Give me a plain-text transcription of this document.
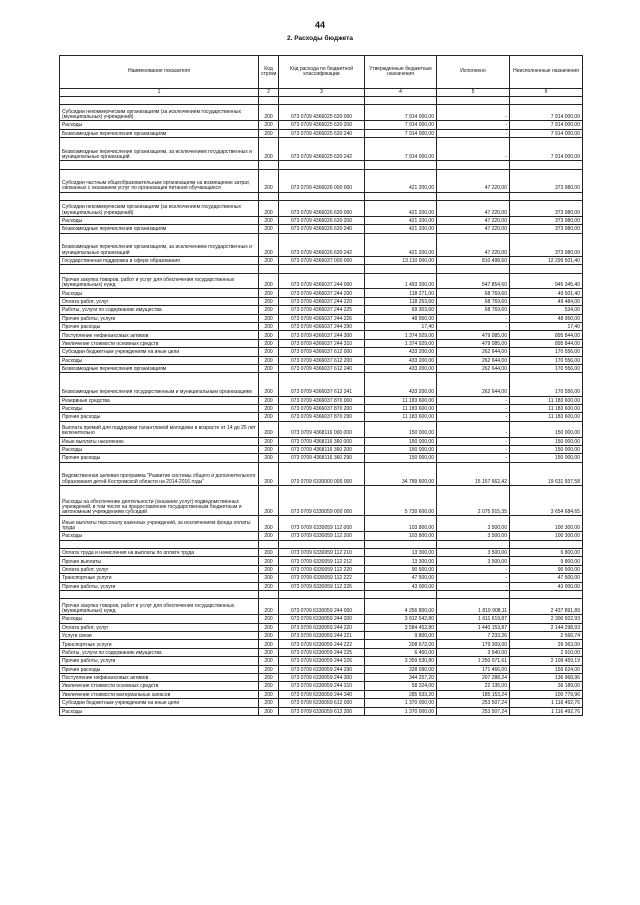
44
2. Расходы бюджета
Наименование показателя	Код строки	Код расхода по бюджетной классификации	Утвержденные бюджетные назначения	Исполнено	Неисполненные назначения
1	2	3	4	5	6

Субсидии некоммерческим организациям (за исключением государственных (муниципальных) учреждений)	200	073 0709 4366025 630 000	7 914 000,00	-	7 914 000,00
Расходы	200	073 0709 4366025 630 200	7 914 000,00	-	7 914 000,00
Безвозмездные перечисления организациям	200	073 0709 4366025 630 240	7 914 000,00	-	7 914 000,00
Безвозмездные перечисления организациям, за исключением государственных и муниципальных организаций	200	073 0709 4366025 630 242	7 914 000,00	-	7 914 000,00

Субсидии частным общеобразовательным организациям на возмещение затрат, связанных с оказанием услуг по организации питания обучающихся	200	073 0709 4366026 000 000	421 200,00	47 220,00	373 980,00

Субсидии некоммерческим организациям (за исключением государственных (муниципальных) учреждений)	200	073 0709 4366026 630 000	421 200,00	47 220,00	373 980,00
Расходы	200	073 0709 4366026 630 200	421 200,00	47 220,00	373 980,00
Безвозмездные перечисления организациям	200	073 0709 4366026 630 240	421 200,00	47 220,00	373 980,00
Безвозмездные перечисления организациям, за исключением государственных и муниципальных организаций	200	073 0709 4366026 630 242	421 200,00	47 220,00	373 980,00
Государственная поддержка в сфере образования	200	073 0709 4366037 000 000	13 110 000,00	810 498,60	12 299 501,40

Прочая закупка товаров, работ и услуг для обеспечения государственных (муниципальных) нужд	200	073 0709 4366037 244 000	1 493 200,00	547 854,60	945 345,40
Расходы	200	073 0709 4366037 244 200	118 271,00	68 769,60	49 501,40
Оплата работ, услуг	200	073 0709 4366037 244 220	118 253,60	68 769,60	49 484,00
Работы, услуги по содержанию имущества	200	073 0709 4366037 244 225	69 303,60	68 769,60	534,00
Прочие работы, услуги	200	073 0709 4366037 244 226	48 950,00	-	48 950,00
Прочие расходы	200	073 0709 4366037 244 290	17,40	-	17,40
Поступление нефинансовых активов	200	073 0709 4366037 244 300	1 374 929,00	479 085,00	895 844,00
Увеличение стоимости основных средств	200	073 0709 4366037 244 310	1 374 929,00	479 085,00	895 844,00
Субсидии бюджетным учреждениям на иные цели	200	073 0709 4366037 612 000	433 200,00	262 644,00	170 556,00
Расходы	200	073 0709 4366037 612 200	433 200,00	262 644,00	170 556,00
Безвозмездные перечисления организациям	200	073 0709 4366037 612 240	433 200,00	262 644,00	170 556,00
Безвозмездные перечисления государственным и муниципальным организациям	200	073 0709 4366037 612 241	433 200,00	262 644,00	170 556,00
Резервные средства	200	073 0709 4366037 870 000	11 183 600,00	-	11 183 600,00
Расходы	200	073 0709 4366037 870 200	11 183 600,00	-	11 183 600,00
Прочие расходы	200	073 0709 4366037 870 290	11 183 600,00	-	11 183 600,00
Выплата премий для поддержки талантливой молодежи в возрасте от 14 до 25 лет включительно	200	073 0709 4368116 000 000	150 000,00	-	150 000,00
Иные выплаты населению	200	073 0709 4368116 360 000	150 000,00	-	150 000,00
Расходы	200	073 0709 4368116 360 200	150 000,00	-	150 000,00
Прочие расходы	200	073 0709 4368116 360 290	150 000,00	-	150 000,00
Ведомственная целевая программа "Развитие системы общего и дополнительного образования детей Костромской области на 2014-2016 годы"	200	073 0709 6330000 000 000	34 789 600,00	15 157 662,42	19 631 937,58
Расходы на обеспечение деятельности (оказание услуг) подведомственных учреждений, в том числе на предоставление государственным бюджетным и автономным учреждениям субсидий	200	073 0709 6330059 000 000	5 730 600,00	2 075 915,35	3 654 684,65
Иные выплаты персоналу казенных учреждений, за исключением фонда оплаты труда	200	073 0709 6330059 112 000	103 800,00	3 500,00	100 300,00
Расходы	200	073 0709 6330059 112 200	103 800,00	3 500,00	100 300,00

Оплата труда и начисления на выплаты по оплате труда	200	073 0709 6330059 112 210	13 300,00	3 500,00	9 800,00
Прочие выплаты	200	073 0709 6330059 112 212	13 300,00	3 500,00	9 800,00
Оплата работ, услуг	200	073 0709 6330059 112 220	90 500,00	-	90 500,00
Транспортные услуги	200	073 0709 6330059 112 222	47 500,00	-	47 500,00
Прочие работы, услуги	200	073 0709 6330059 112 226	43 000,00	-	43 000,00

Прочая закупка товаров, работ и услуг для обеспечения государственных (муниципальных) нужд	200	073 0709 6330059 244 000	4 256 800,00	1 819 908,11	2 437 891,89
Расходы	200	073 0709 6330059 244 200	3 912 542,80	1 611 619,87	2 300 922,93
Оплата работ, услуг	200	073 0709 6330059 244 220	3 584 452,80	1 440 153,87	2 144 298,93
Услуги связи	200	073 0709 6330059 244 221	9 800,00	7 233,26	2 566,74
Транспортные услуги	200	073 0709 6330059 244 222	208 672,00	179 309,00	29 363,00
Работы, услуги по содержанию имущества	200	073 0709 6330059 244 225	6 450,00	3 540,00	2 910,00
Прочие работы, услуги	200	073 0709 6330059 244 226	3 359 530,80	1 250 071,61	2 109 459,19
Прочие расходы	200	073 0709 6330059 244 290	328 090,00	171 466,00	156 624,00
Поступление нефинансовых активов	200	073 0709 6330059 244 300	344 257,20	207 288,24	136 968,96
Увеличение стоимости основных средств	200	073 0709 6330059 244 310	58 324,00	22 135,00	36 189,00
Увеличение стоимости материальных запасов	200	073 0709 6330059 244 340	285 933,20	185 153,24	100 779,96
Субсидии бюджетным учреждениям на иные цели	200	073 0709 6330059 612 000	1 370 000,00	253 507,24	1 116 492,76
Расходы	200	073 0709 6330059 612 200	1 370 000,00	253 507,24	1 116 492,76
